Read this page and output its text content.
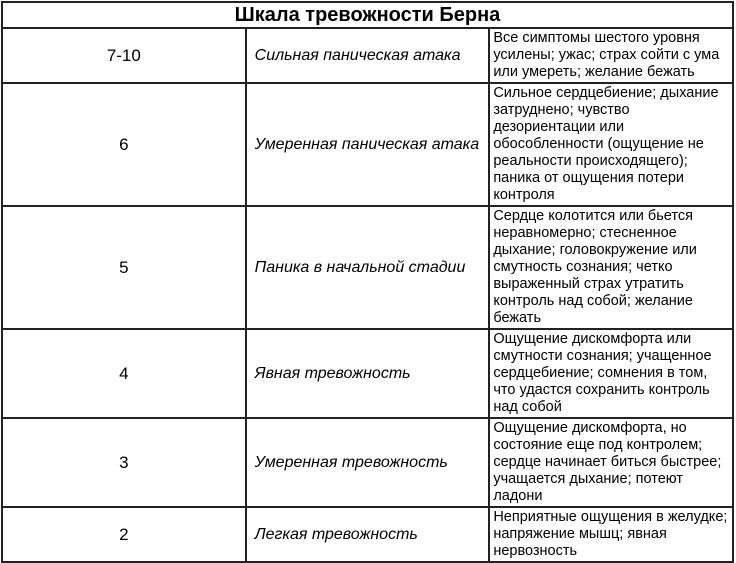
Шкала тревожности Берна		
7-10	Сильная паническая атака	Все симптомы шестого уровня усилены; ужас; страх сойти с ума или умереть; желание бежать
6	Умеренная паническая атака	Сильное сердцебиение; дыхание затруднено; чувство дезориентации или обособленности (ощущение не реальности происходящего); паника от ощущения потери контроля
5	Паника в начальной стадии	Сердце колотится или бьется неравномерно; стесненное дыхание; головокружение или смутность сознания; четко выраженный страх утратить контроль над собой; желание бежать
4	Явная тревожность	Ощущение дискомфорта или смутности сознания; учащенное сердцебиение; сомнения в том, что удастся сохранить контроль над собой
3	Умеренная тревожность	Ощущение дискомфорта, но состояние еще под контролем; сердце начинает биться быстрее; учащается дыхание; потеют ладони
2	Легкая тревожность	Неприятные ощущения в желудке; напряжение мышц; явная нервозность
